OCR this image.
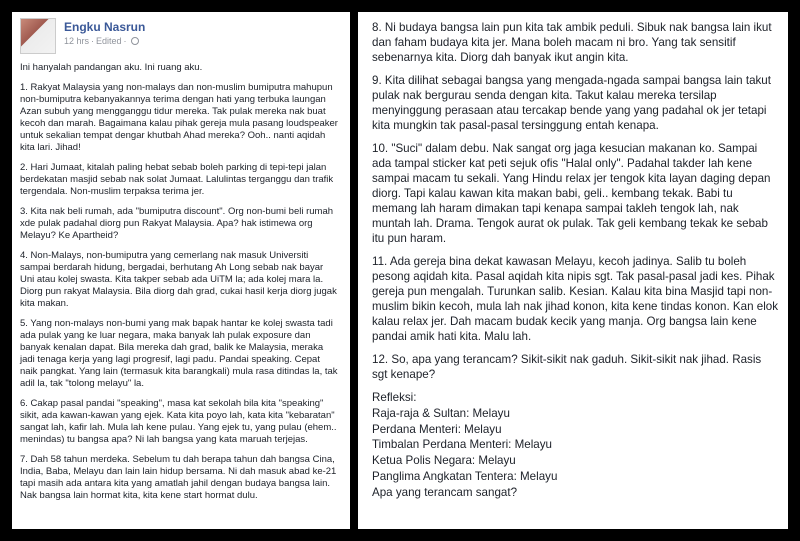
Engku Nasrun
12 hrs · Edited ·

Ini hanyalah pandangan aku. Ini ruang aku.

1. Rakyat Malaysia yang non-malays dan non-muslim bumiputra mahupun non-bumiputra kebanyakannya terima dengan hati yang terbuka laungan Azan subuh yang mengganggu tidur mereka. Tak pulak mereka nak buat kecoh dan marah. Bagaimana kalau pihak gereja mula pasang loudspeaker untuk sekalian tempat dengar khutbah Ahad mereka? Ooh.. nanti aqidah kita lari. Jihad!

2. Hari Jumaat, kitalah paling hebat sebab boleh parking di tepi-tepi jalan berdekatan masjid sebab nak solat Jumaat. Lalulintas terganggu dan trafik tergendala. Non-muslim terpaksa terima jer.

3. Kita nak beli rumah, ada "bumiputra discount". Org non-bumi beli rumah xde pulak padahal diorg pun Rakyat Malaysia. Apa? hak istimewa org Melayu? Ke Apartheid?

4. Non-Malays, non-bumiputra yang cemerlang nak masuk Universiti sampai berdarah hidung, bergadai, berhutang Ah Long sebab nak bayar Uni atau kolej swasta. Kita takper sebab ada UiTM la; ada kolej mara la. Diorg pun rakyat Malaysia. Bila diorg dah grad, cukai hasil kerja diorg jugak kita makan.

5. Yang non-malays non-bumi yang mak bapak hantar ke kolej swasta tadi ada pulak yang ke luar negara, maka banyak lah pulak exposure dan banyak kenalan dapat. Bila mereka dah grad, balik ke Malaysia, meraka jadi tenaga kerja yang lagi progresif, lagi padu. Pandai speaking. Cepat naik pangkat. Yang lain (termasuk kita barangkali) mula rasa ditindas la, tak adil la, tak "tolong melayu" la.

6. Cakap pasal pandai "speaking", masa kat sekolah bila kita "speaking" sikit, ada kawan-kawan yang ejek. Kata kita poyo lah, kata kita "kebaratan" sangat lah, kafir lah. Mula lah kene pulau. Yang ejek tu, yang pulau (ehem.. menindas) tu bangsa apa? Ni lah bangsa yang kata maruah terjejas.

7. Dah 58 tahun merdeka. Sebelum tu dah berapa tahun dah bangsa Cina, India, Baba, Melayu dan lain lain hidup bersama. Ni dah masuk abad ke-21 tapi masih ada antara kita yang amatlah jahil dengan budaya bangsa lain. Nak bangsa lain hormat kita, kita kene start hormat dulu.

8. Ni budaya bangsa lain pun kita tak ambik peduli. Sibuk nak bangsa lain ikut dan faham budaya kita jer. Mana boleh macam ni bro. Yang tak sensitif sebenarnya kita. Diorg dah banyak ikut angin kita.

9. Kita dilihat sebagai bangsa yang mengada-ngada sampai bangsa lain takut pulak nak bergurau senda dengan kita. Takut kalau mereka tersilap menyinggung perasaan atau tercakap bende yang yang padahal ok jer tetapi kita mungkin tak pasal-pasal tersinggung entah kenapa.

10. "Suci" dalam debu. Nak sangat org jaga kesucian makanan ko. Sampai ada tampal sticker kat peti sejuk ofis "Halal only". Padahal takder lah kene sampai macam tu sekali. Yang Hindu relax jer tengok kita layan daging depan diorg. Tapi kalau kawan kita makan babi, geli.. kembang tekak. Babi tu memang lah haram dimakan tapi kenapa sampai takleh tengok lah, nak muntah lah. Drama. Tengok aurat ok pulak. Tak geli kembang tekak ke sebab itu pun haram.

11. Ada gereja bina dekat kawasan Melayu, kecoh jadinya. Salib tu boleh pesong aqidah kita. Pasal aqidah kita nipis sgt. Tak pasal-pasal jadi kes. Pihak gereja pun mengalah. Turunkan salib. Kesian. Kalau kita bina Masjid tapi non-muslim bikin kecoh, mula lah nak jihad konon, kita kene tindas konon. Kan elok kalau relax jer. Dah macam budak kecik yang manja. Org bangsa lain kene pandai amik hati kita. Malu lah.

12. So, apa yang terancam? Sikit-sikit nak gaduh. Sikit-sikit nak jihad. Rasis sgt kenape?

Refleksi:
Raja-raja & Sultan: Melayu
Perdana Menteri: Melayu
Timbalan Perdana Menteri: Melayu
Ketua Polis Negara: Melayu
Panglima Angkatan Tentera: Melayu
Apa yang terancam sangat?
